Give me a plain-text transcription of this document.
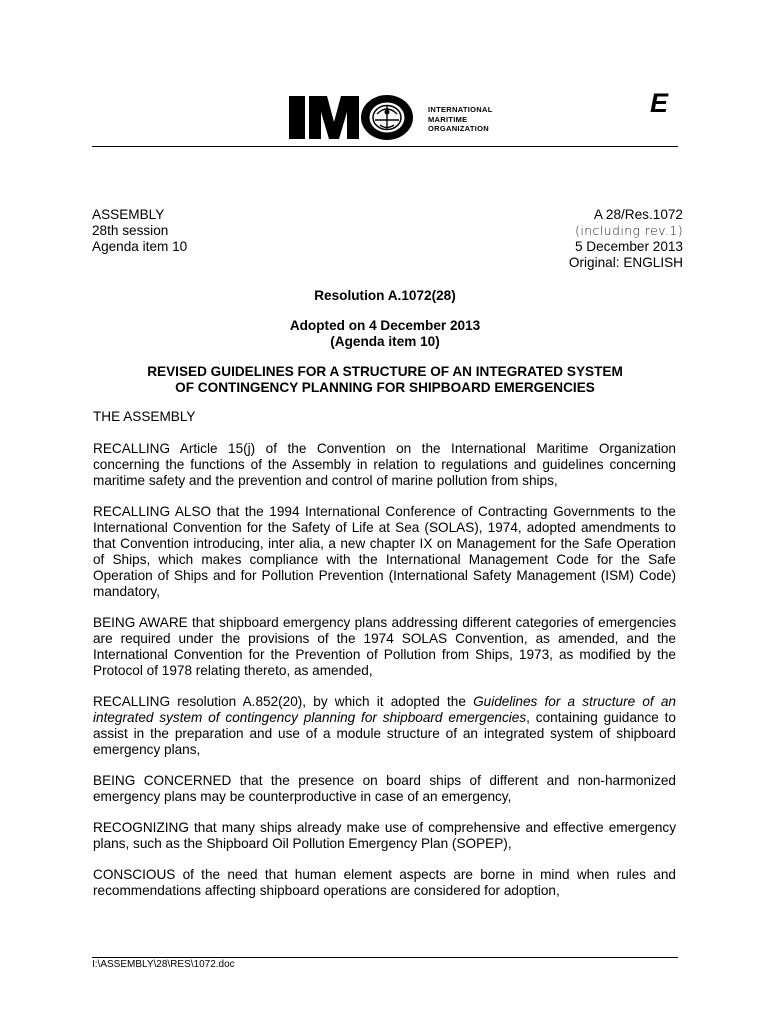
INTERNATIONAL
MARITIME
ORGANIZATION
E
ASSEMBLY
28th session
Agenda item 10
A 28/Res.1072
(including rev.1)
5 December 2013
Original: ENGLISH
Resolution A.1072(28)
Adopted on 4 December 2013
(Agenda item 10)
REVISED GUIDELINES FOR A STRUCTURE OF AN INTEGRATED SYSTEM
OF CONTINGENCY PLANNING FOR SHIPBOARD EMERGENCIES

THE ASSEMBLY

RECALLING Article 15(j) of the Convention on the International Maritime Organization concerning the functions of the Assembly in relation to regulations and guidelines concerning maritime safety and the prevention and control of marine pollution from ships,

RECALLING ALSO that the 1994 International Conference of Contracting Governments to the International Convention for the Safety of Life at Sea (SOLAS), 1974, adopted amendments to that Convention introducing, inter alia, a new chapter IX on Management for the Safe Operation of Ships, which makes compliance with the International Management Code for the Safe Operation of Ships and for Pollution Prevention (International Safety Management (ISM) Code) mandatory,

BEING AWARE that shipboard emergency plans addressing different categories of emergencies are required under the provisions of the 1974 SOLAS Convention, as amended, and the International Convention for the Prevention of Pollution from Ships, 1973, as modified by the Protocol of 1978 relating thereto, as amended,

RECALLING resolution A.852(20), by which it adopted the Guidelines for a structure of an integrated system of contingency planning for shipboard emergencies, containing guidance to assist in the preparation and use of a module structure of an integrated system of shipboard emergency plans,

BEING CONCERNED that the presence on board ships of different and non-harmonized emergency plans may be counterproductive in case of an emergency,

RECOGNIZING that many ships already make use of comprehensive and effective emergency plans, such as the Shipboard Oil Pollution Emergency Plan (SOPEP),

CONSCIOUS of the need that human element aspects are borne in mind when rules and recommendations affecting shipboard operations are considered for adoption,

I:\ASSEMBLY\28\RES\1072.doc
